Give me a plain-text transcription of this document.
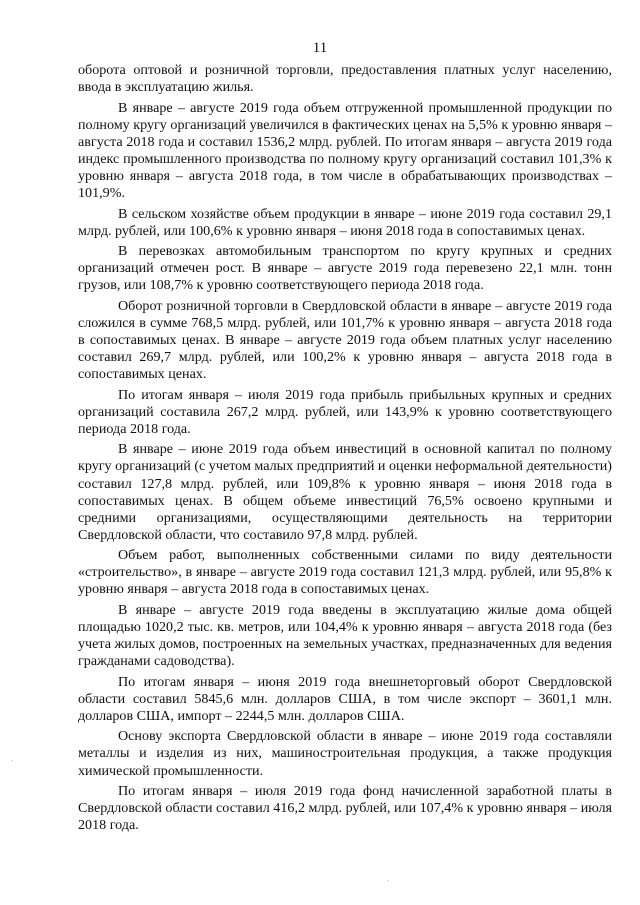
11

оборота оптовой и розничной торговли, предоставления платных услуг населению, ввода в эксплуатацию жилья.

В январе – августе 2019 года объем отгруженной промышленной продукции по полному кругу организаций увеличился в фактических ценах на 5,5% к уровню января – августа 2018 года и составил 1536,2 млрд. рублей. По итогам января – августа 2019 года индекс промышленного производства по полному кругу организаций составил 101,3% к уровню января – августа 2018 года, в том числе в обрабатывающих производствах – 101,9%.

В сельском хозяйстве объем продукции в январе – июне 2019 года составил 29,1 млрд. рублей, или 100,6% к уровню января – июня 2018 года в сопоставимых ценах.

В перевозках автомобильным транспортом по кругу крупных и средних организаций отмечен рост. В январе – августе 2019 года перевезено 22,1 млн. тонн грузов, или 108,7% к уровню соответствующего периода 2018 года.

Оборот розничной торговли в Свердловской области в январе – августе 2019 года сложился в сумме 768,5 млрд. рублей, или 101,7% к уровню января – августа 2018 года в сопоставимых ценах. В январе – августе 2019 года объем платных услуг населению составил 269,7 млрд. рублей, или 100,2% к уровню января – августа 2018 года в сопоставимых ценах.

По итогам января – июля 2019 года прибыль прибыльных крупных и средних организаций составила 267,2 млрд. рублей, или 143,9% к уровню соответствующего периода 2018 года.

В январе – июне 2019 года объем инвестиций в основной капитал по полному кругу организаций (с учетом малых предприятий и оценки неформальной деятельности) составил 127,8 млрд. рублей, или 109,8% к уровню января – июня 2018 года в сопоставимых ценах. В общем объеме инвестиций 76,5% освоено крупными и средними организациями, осуществляющими деятельность на территории Свердловской области, что составило 97,8 млрд. рублей.

Объем работ, выполненных собственными силами по виду деятельности «строительство», в январе – августе 2019 года составил 121,3 млрд. рублей, или 95,8% к уровню января – августа 2018 года в сопоставимых ценах.

В январе – августе 2019 года введены в эксплуатацию жилые дома общей площадью 1020,2 тыс. кв. метров, или 104,4% к уровню января – августа 2018 года (без учета жилых домов, построенных на земельных участках, предназначенных для ведения гражданами садоводства).

По итогам января – июня 2019 года внешнеторговый оборот Свердловской области составил 5845,6 млн. долларов США, в том числе экспорт – 3601,1 млн. долларов США, импорт – 2244,5 млн. долларов США.

Основу экспорта Свердловской области в январе – июне 2019 года составляли металлы и изделия из них, машиностроительная продукция, а также продукция химической промышленности.

По итогам января – июля 2019 года фонд начисленной заработной платы в Свердловской области составил 416,2 млрд. рублей, или 107,4% к уровню января – июля 2018 года.
